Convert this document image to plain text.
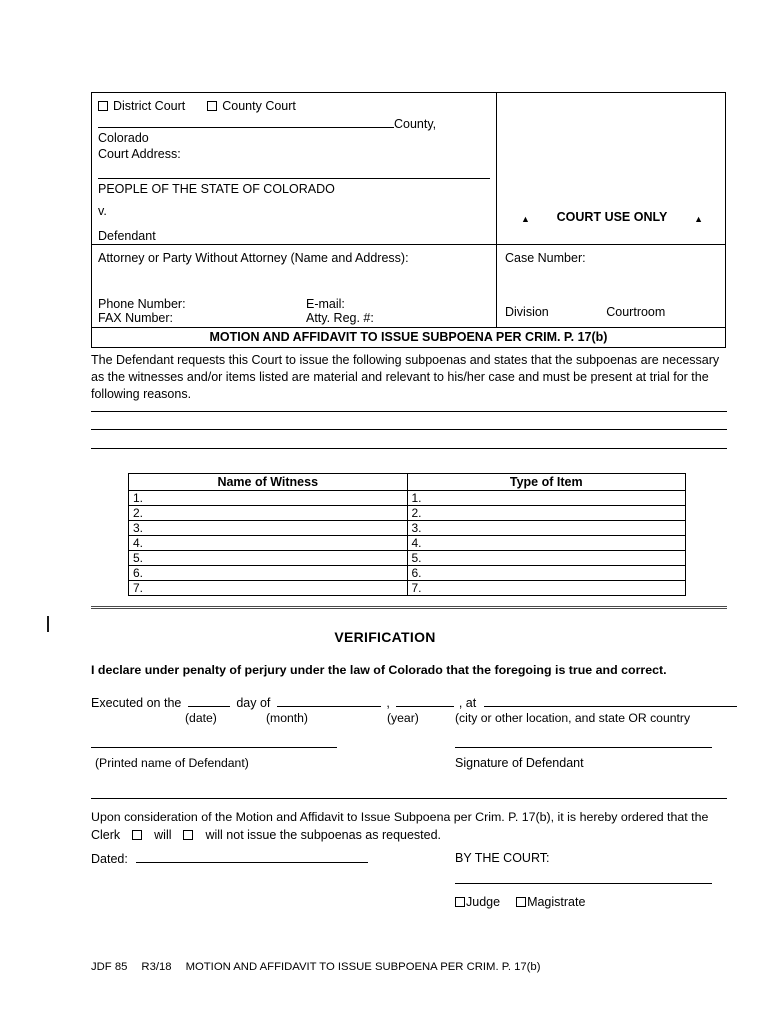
District Court	County Court
County, Colorado
Court Address:
PEOPLE OF THE STATE OF COLORADO
v.
Defendant
▲ COURT USE ONLY	▲
Attorney or Party Without Attorney (Name and Address):
Phone Number:	E-mail:
FAX Number:	Atty. Reg. #:
Case Number:
Division	Courtroom
MOTION AND AFFIDAVIT TO ISSUE SUBPOENA PER CRIM. P. 17(b)
The Defendant requests this Court to issue the following subpoenas and states that the subpoenas are necessary as the witnesses and/or items listed are material and relevant to his/her case and must be present at trial for the following reasons.
Name of Witness	Type of Item
1.	1.
2.	2.
3.	3.
4.	4.
5.	5.
6.	6.
7.	7.
VERIFICATION
I declare under penalty of perjury under the law of Colorado that the foregoing is true and correct.
Executed on the	day of	,	, at
(date)	(month)	(year)	(city or other location, and state OR country
(Printed name of Defendant)	Signature of Defendant
Upon consideration of the Motion and Affidavit to Issue Subpoena per Crim. P. 17(b), it is hereby ordered that the
Clerk	will	will not issue the subpoenas as requested.
Dated:	BY THE COURT:
Judge Magistrate
JDF 85 R3/18 MOTION AND AFFIDAVIT TO ISSUE SUBPOENA PER CRIM. P. 17(b)
